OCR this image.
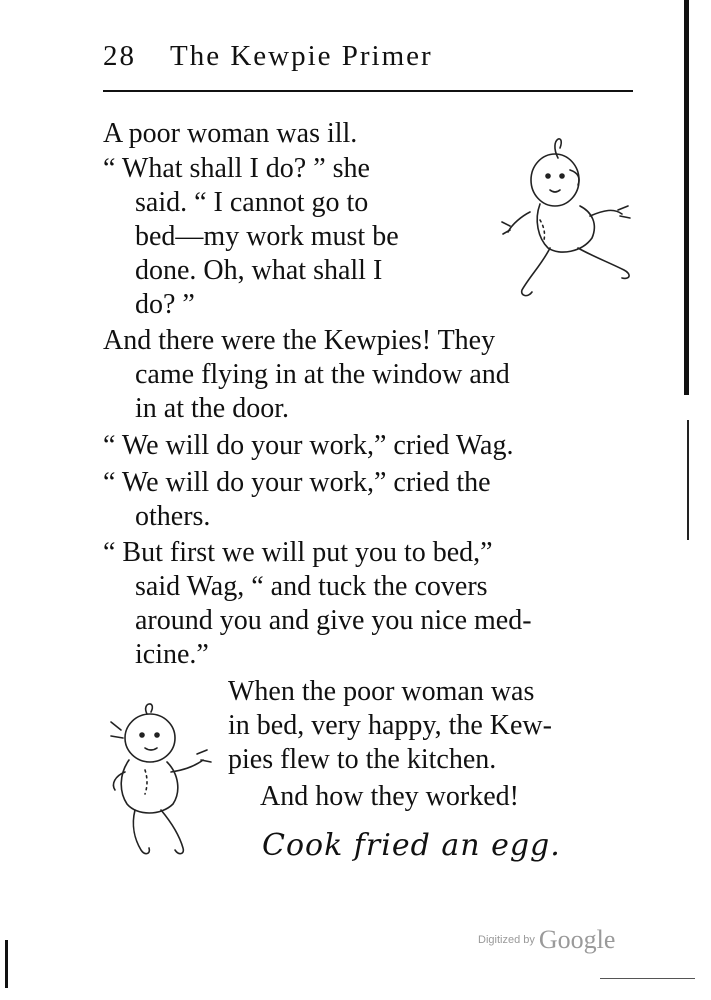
28 The Kewpie Primer

A poor woman was ill.

“ What shall I do? ” she
said. “ I cannot go to
bed—my work must be
done. Oh, what shall I
do? ”

And there were the Kewpies! They
came flying in at the window and
in at the door.

“ We will do your work,” cried Wag.

“ We will do your work,” cried the
others.

“ But first we will put you to bed,”
said Wag, “ and tuck the covers
around you and give you nice med-
icine.”

When the poor woman was
in bed, very happy, the Kew-
pies flew to the kitchen.

And how they worked!

Cook fried an egg.
Digitized by Google
